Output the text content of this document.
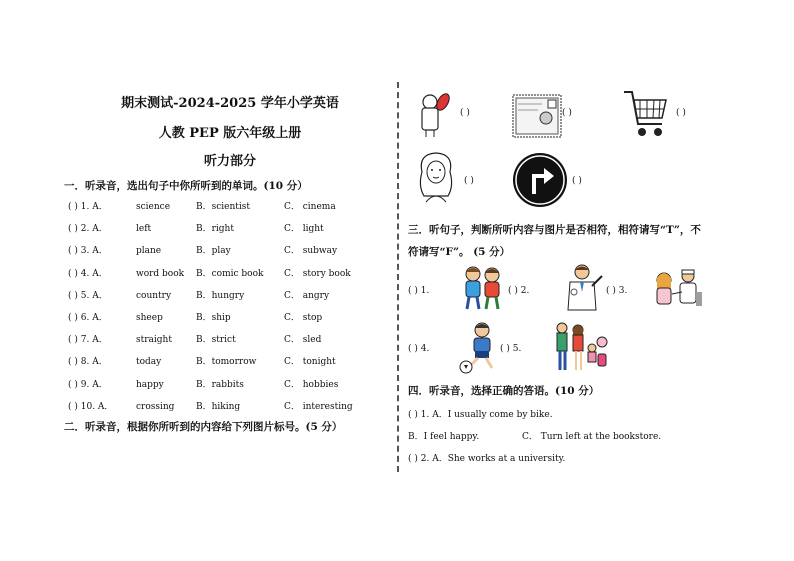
期末测试-2024-2025 学年小学英语
人教 PEP 版六年级上册
听力部分
一．听录音，选出句子中你所听到的单词。(10 分）
( ) 1. A．	science	B．scientist	C． cinema
( ) 2. A．	left	B．right	C． light
( ) 3. A．	plane	B．play	C． subway
( ) 4. A．	word book B．comic book C． story book
( ) 5. A．	country	B．hungry	C． angry
( ) 6. A．	sheep	B．ship	C． stop
( ) 7. A．	straight	B．strict	C． sled
( ) 8. A．	today	B．tomorrow	C． tonight
( ) 9. A．	happy	B．rabbits	C． hobbies
( ) 10. A．	crossing B．hiking	C． interesting
二．听录音，根据你所听到的内容给下列图片标号。(5 分）
( )	( )	( )
( )	( )
三．听句子，判断所听内容与图片是否相符，相符请写“T”，不
符请写“F”。 (5 分）
( ) 1.	( ) 2.	( ) 3.
( ) 4.	( ) 5.
四．听录音，选择正确的答语。(10 分）
( ) 1. A．I usually come by bike.
B．I feel happy.	C． Turn left at the bookstore.
( ) 2. A．She works at a university.
